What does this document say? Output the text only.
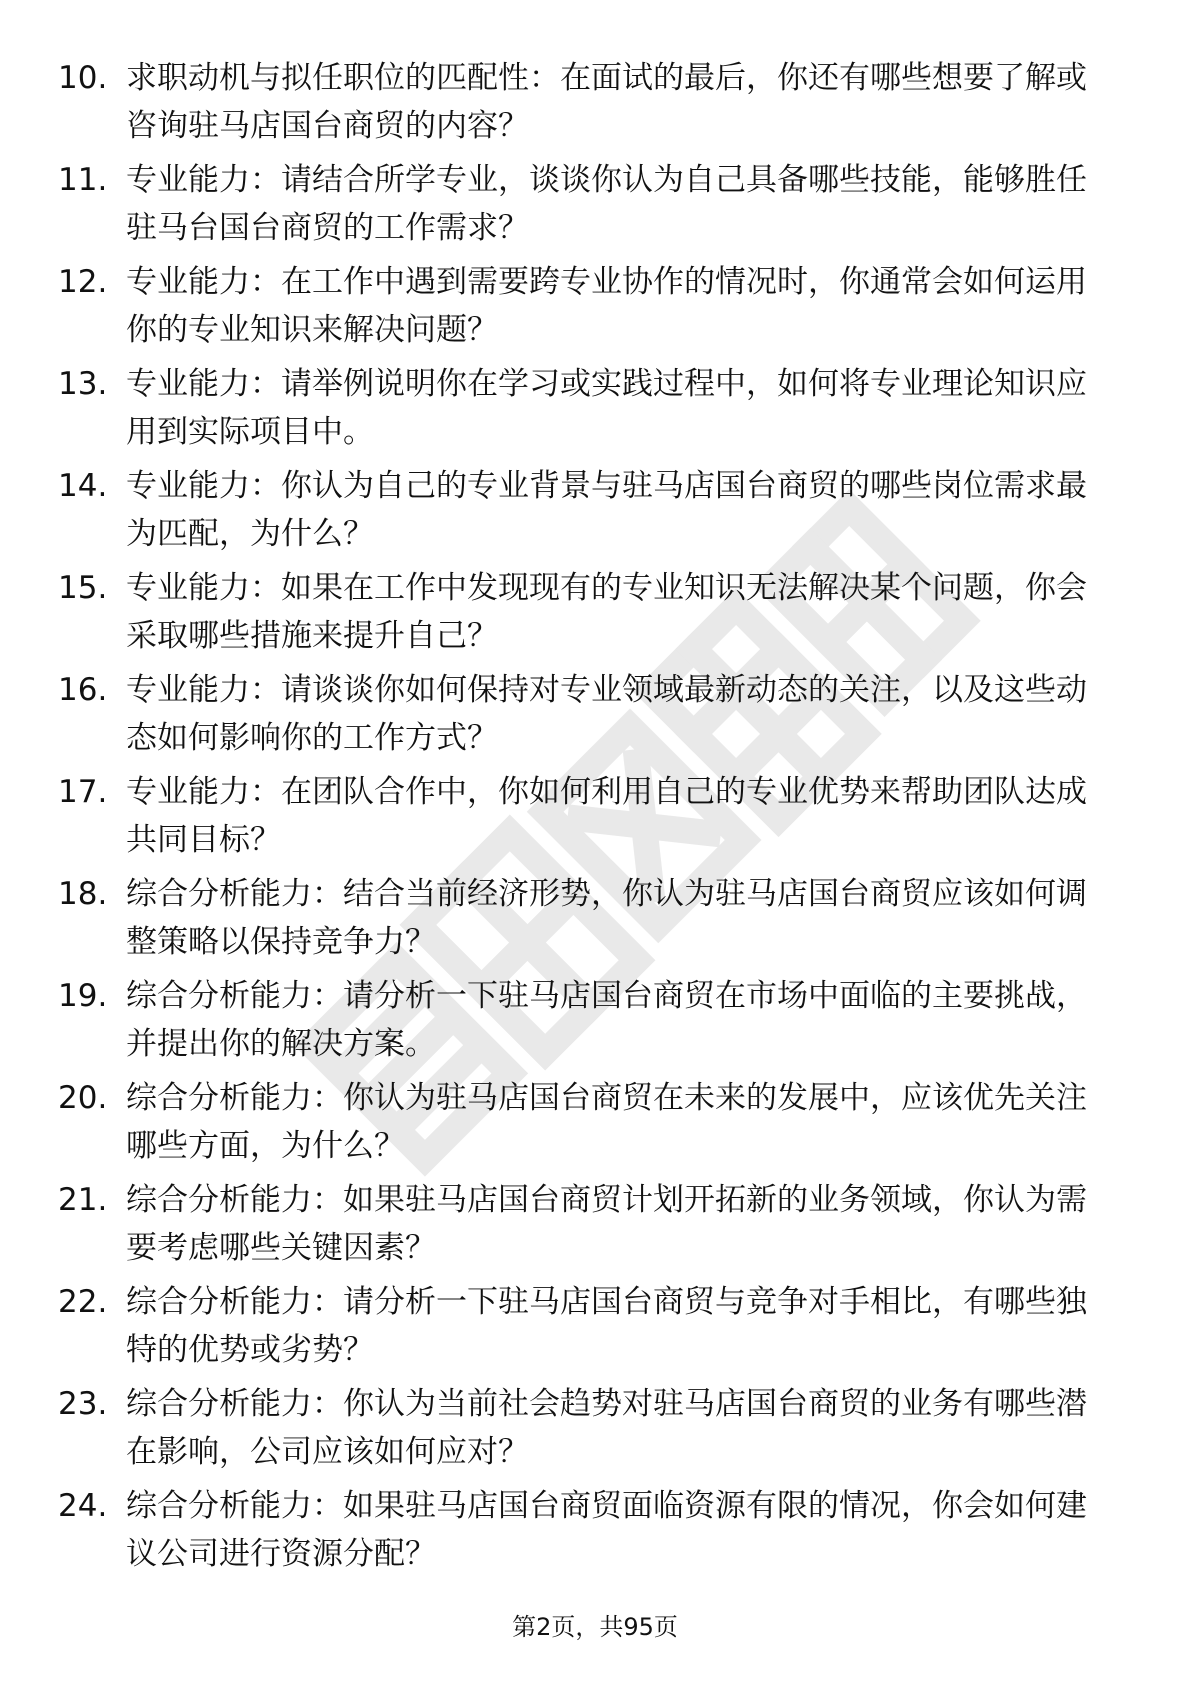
10. 求职动机与拟任职位的匹配性：在面试的最后，你还有哪些想要了解或咨询驻马店国台商贸的内容？
11. 专业能力：请结合所学专业，谈谈你认为自己具备哪些技能，能够胜任驻马台国台商贸的工作需求？
12. 专业能力：在工作中遇到需要跨专业协作的情况时，你通常会如何运用你的专业知识来解决问题？
13. 专业能力：请举例说明你在学习或实践过程中，如何将专业理论知识应用到实际项目中。
14. 专业能力：你认为自己的专业背景与驻马店国台商贸的哪些岗位需求最为匹配，为什么？
15. 专业能力：如果在工作中发现现有的专业知识无法解决某个问题，你会采取哪些措施来提升自己？
16. 专业能力：请谈谈你如何保持对专业领域最新动态的关注，以及这些动态如何影响你的工作方式？
17. 专业能力：在团队合作中，你如何利用自己的专业优势来帮助团队达成共同目标？
18. 综合分析能力：结合当前经济形势，你认为驻马店国台商贸应该如何调整策略以保持竞争力？
19. 综合分析能力：请分析一下驻马店国台商贸在市场中面临的主要挑战，并提出你的解决方案。
20. 综合分析能力：你认为驻马店国台商贸在未来的发展中，应该优先关注哪些方面，为什么？
21. 综合分析能力：如果驻马店国台商贸计划开拓新的业务领域，你认为需要考虑哪些关键因素？
22. 综合分析能力：请分析一下驻马店国台商贸与竞争对手相比，有哪些独特的优势或劣势？
23. 综合分析能力：你认为当前社会趋势对驻马店国台商贸的业务有哪些潜在影响，公司应该如何应对？
24. 综合分析能力：如果驻马店国台商贸面临资源有限的情况，你会如何建议公司进行资源分配？
第2页，共95页
